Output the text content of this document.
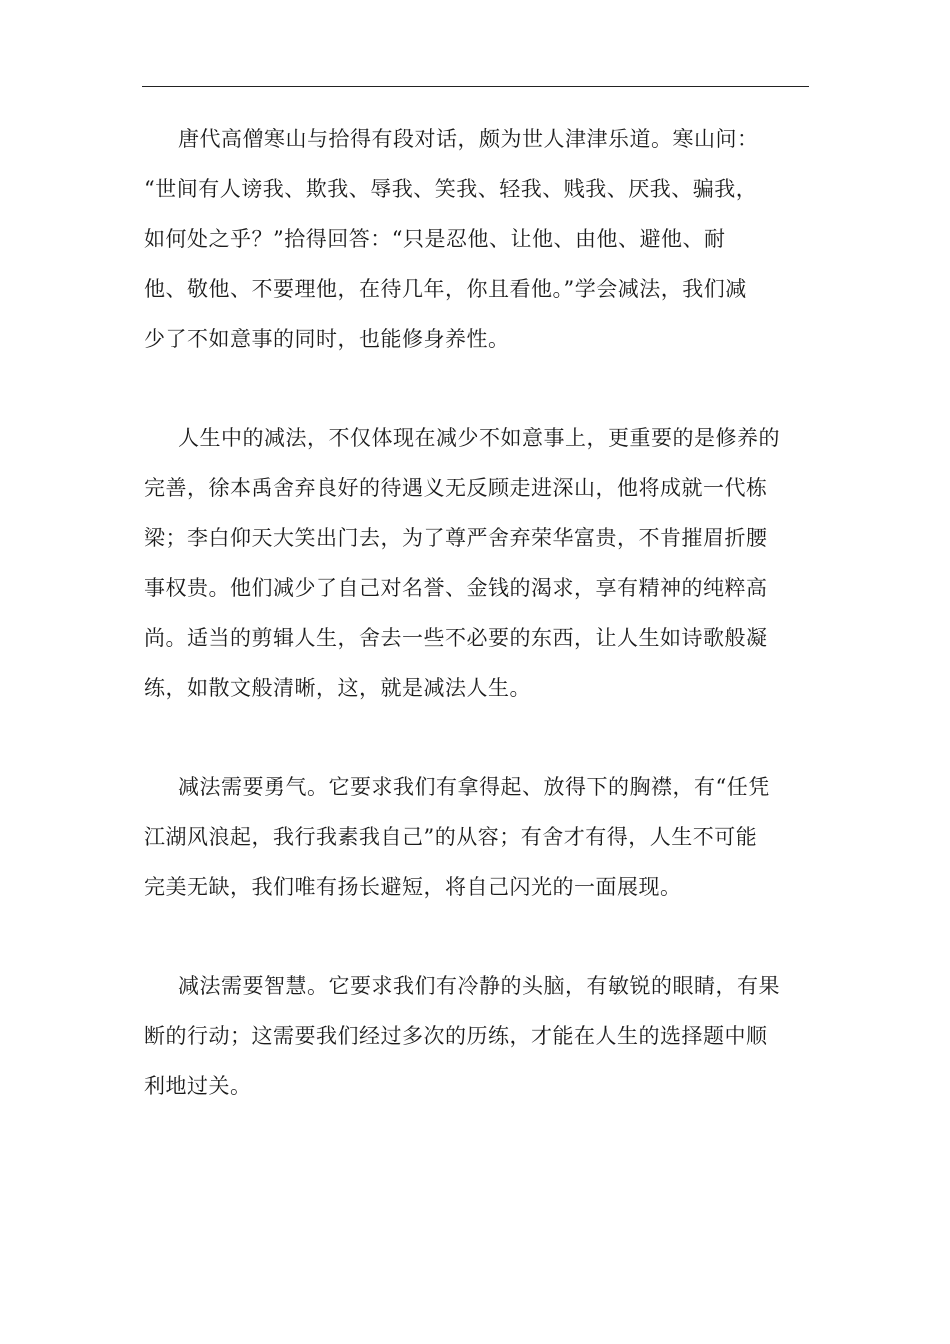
唐代高僧寒山与拾得有段对话，颇为世人津津乐道。寒山问：
“世间有人谤我、欺我、辱我、笑我、轻我、贱我、厌我、骗我，
如何处之乎？”拾得回答：“只是忍他、让他、由他、避他、耐
他、敬他、不要理他，在待几年，你且看他。”学会减法，我们减
少了不如意事的同时，也能修身养性。
人生中的减法，不仅体现在减少不如意事上，更重要的是修养的
完善，徐本禹舍弃良好的待遇义无反顾走进深山，他将成就一代栋
梁；李白仰天大笑出门去，为了尊严舍弃荣华富贵，不肯摧眉折腰
事权贵。他们减少了自己对名誉、金钱的渴求，享有精神的纯粹高
尚。适当的剪辑人生，舍去一些不必要的东西，让人生如诗歌般凝
练，如散文般清晰，这，就是减法人生。
减法需要勇气。它要求我们有拿得起、放得下的胸襟，有“任凭
江湖风浪起，我行我素我自己”的从容；有舍才有得，人生不可能
完美无缺，我们唯有扬长避短，将自己闪光的一面展现。
减法需要智慧。它要求我们有冷静的头脑，有敏锐的眼睛，有果
断的行动；这需要我们经过多次的历练，才能在人生的选择题中顺
利地过关。
